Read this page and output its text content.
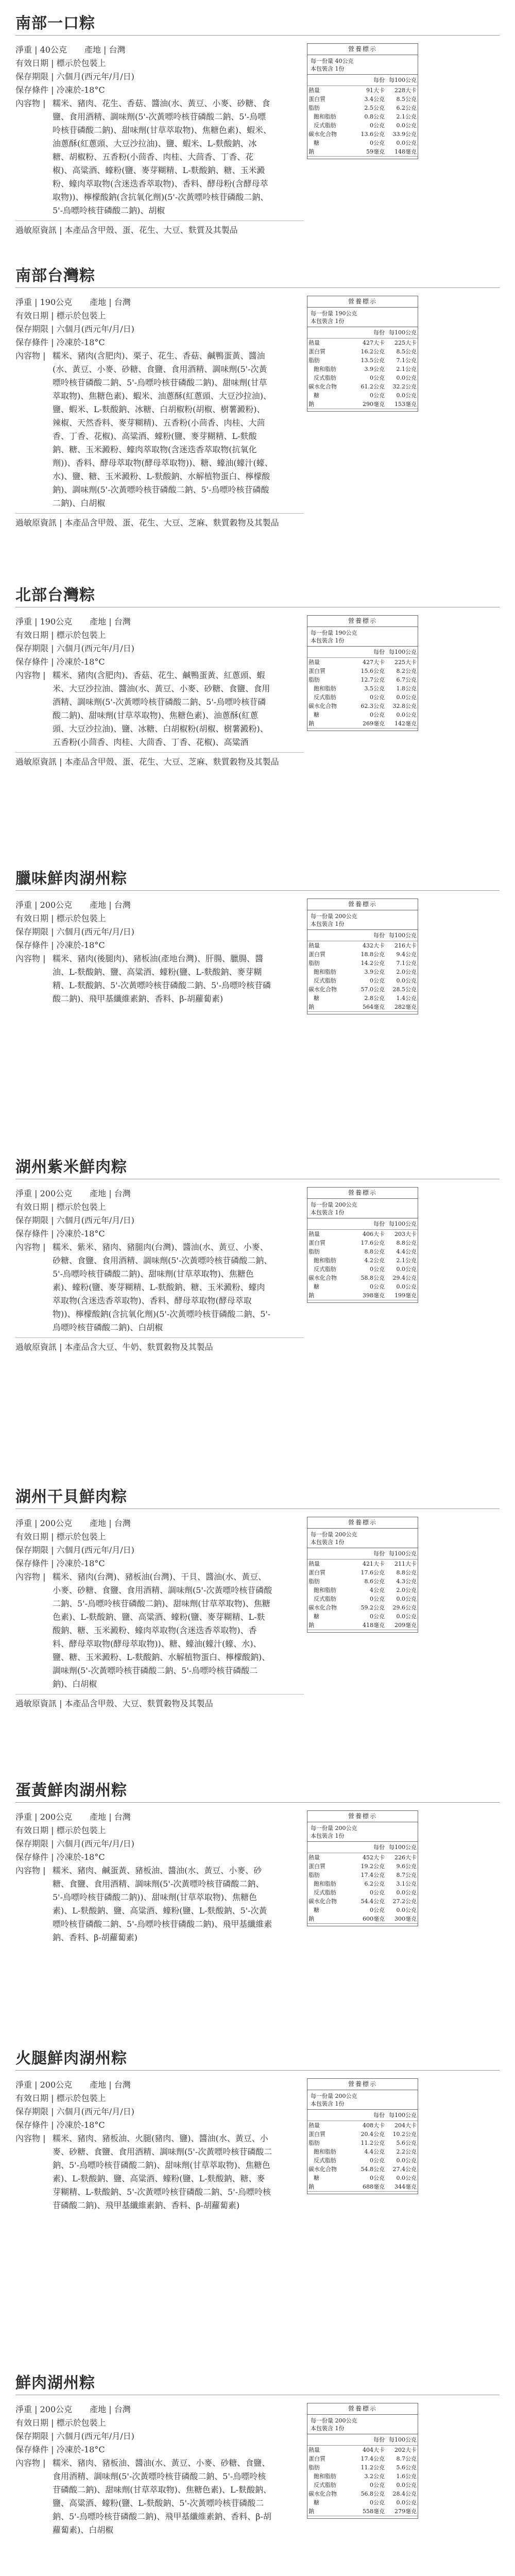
南部一口粽
淨重 | 40公克 產地 | 台灣
有效日期 | 標示於包裝上
保存期限 | 六個月(西元年/月/日)
保存條件 | 冷凍於-18°C
內容物 | 糯米、豬肉、花生、香菇、醬油(水、黃豆、小麥、砂糖、食鹽、食用酒精、調味劑(5'-次黃嘌呤核苷磷酸二鈉、5'-烏嘌呤核苷磷酸二鈉)、甜味劑(甘草萃取物)、焦糖色素)、蝦米、油蔥酥(紅蔥頭、大豆沙拉油)、鹽、蝦米、L-麩酸鈉、冰糖、胡椒粉、五香粉(小茴香、肉桂、大茴香、丁香、花椒)、高粱酒、蠔粉(鹽、麥芽糊精、L-麩酸鈉、糖、玉米澱粉、蠔肉萃取物(含迷迭香萃取物)、香料、酵母粉(含酵母萃取物))、檸檬酸鈉(含抗氧化劑)(5'-次黃嘌呤核苷磷酸二鈉、5'-烏嘌呤核苷磷酸二鈉)、胡椒
營養標示
每一份量 40公克
本包裝含 1份
每份 每100公克
熱量	91大卡	228大卡
蛋白質	3.4公克	8.5公克
脂肪	2.5公克	6.2公克
飽和脂肪	0.8公克	2.1公克
反式脂肪	0公克	0.0公克
碳水化合物	13.6公克	33.9公克
糖	0公克	0.0公克
鈉	59毫克	148毫克
過敏原資訊 | 本產品含甲殼、蛋、花生、大豆、麩質及其製品
南部台灣粽
淨重 | 190公克 產地 | 台灣
有效日期 | 標示於包裝上
保存期限 | 六個月(西元年/月/日)
保存條件 | 冷凍於-18°C
內容物 | 糯米、豬肉(含肥肉)、栗子、花生、香菇、鹹鴨蛋黃、醬油(水、黃豆、小麥、砂糖、食鹽、食用酒精、調味劑(5'-次黃嘌呤核苷磷酸二鈉、5'-烏嘌呤核苷磷酸二鈉)、甜味劑(甘草萃取物)、焦糖色素)、蝦米、油蔥酥(紅蔥頭、大豆沙拉油)、鹽、蝦米、L-麩酸鈉、冰糖、白胡椒粉(胡椒、樹薯澱粉)、辣椒、天然香料、麥芽糊精)、五香粉(小茴香、肉桂、大茴香、丁香、花椒)、高粱酒、蠔粉(鹽、麥芽糊精、L-麩酸鈉、糖、玉米澱粉、蠔肉萃取物(含迷迭香萃取物(抗氧化劑))、香料、酵母萃取物(酵母萃取物))、糖、蠔油(蠔汁(蠔、水)、鹽、糖、玉米澱粉、L-麩酸鈉、水解植物蛋白、檸檬酸鈉)、調味劑(5'-次黃嘌呤核苷磷酸二鈉、5'-烏嘌呤核苷磷酸二鈉)、白胡椒
營養標示
每一份量 190公克
本包裝含 1份
每份 每100公克
熱量	427大卡	225大卡
蛋白質	16.2公克	8.5公克
脂肪	13.5公克	7.1公克
飽和脂肪	3.9公克	2.1公克
反式脂肪	0公克	0.0公克
碳水化合物	61.2公克	32.2公克
糖	0公克	0.0公克
鈉	290毫克	153毫克
過敏原資訊 | 本產品含甲殼、蛋、花生、大豆、芝麻、麩質穀物及其製品
北部台灣粽
淨重 | 190公克 產地 | 台灣
有效日期 | 標示於包裝上
保存期限 | 六個月(西元年/月/日)
保存條件 | 冷凍於-18°C
內容物 | 糯米、豬肉(含肥肉)、香菇、花生、鹹鴨蛋黃、紅蔥頭、蝦米、大豆沙拉油、醬油(水、黃豆、小麥、砂糖、食鹽、食用酒精、調味劑(5'-次黃嘌呤核苷磷酸二鈉、5'-烏嘌呤核苷磷酸二鈉)、甜味劑(甘草萃取物)、焦糖色素)、油蔥酥(紅蔥頭、大豆沙拉油)、鹽、冰糖、白胡椒粉(胡椒、樹薯澱粉)、五香粉(小茴香、肉桂、大茴香、丁香、花椒)、高粱酒
營養標示
每一份量 190公克
本包裝含 1份
每份 每100公克
熱量	427大卡	225大卡
蛋白質	15.6公克	8.2公克
脂肪	12.7公克	6.7公克
飽和脂肪	3.5公克	1.8公克
反式脂肪	0公克	0.0公克
碳水化合物	62.3公克	32.8公克
糖	0公克	0.0公克
鈉	269毫克	142毫克
過敏原資訊 | 本產品含甲殼、蛋、花生、大豆、芝麻、麩質穀物及其製品
臘味鮮肉湖州粽
淨重 | 200公克 產地 | 台灣
有效日期 | 標示於包裝上
保存期限 | 六個月(西元年/月/日)
保存條件 | 冷凍於-18°C
內容物 | 糯米、豬肉(後腿肉)、豬板油(產地台灣)、肝腸、臘腸、醬油、L-麩酸鈉、鹽、高粱酒、蠔粉(鹽、L-麩酸鈉、麥芽糊精、L-麩酸鈉、5'-次黃嘌呤核苷磷酸二鈉、5'-烏嘌呤核苷磷酸二鈉)、飛甲基纖維素鈉、香料、β-胡蘿蔔素)
營養標示
每一份量 200公克
本包裝含 1份
每份 每100公克
熱量	432大卡	216大卡
蛋白質	18.8公克	9.4公克
脂肪	14.2公克	7.1公克
飽和脂肪	3.9公克	2.0公克
反式脂肪	0公克	0.0公克
碳水化合物	57.0公克	28.5公克
糖	2.8公克	1.4公克
鈉	564毫克	282毫克
湖州紫米鮮肉粽
淨重 | 200公克 產地 | 台灣
有效日期 | 標示於包裝上
保存期限 | 六個月(西元年/月/日)
保存條件 | 冷凍於-18°C
內容物 | 糯米、紫米、豬肉、豬腿肉(台灣)、醬油(水、黃豆、小麥、砂糖、食鹽、食用酒精、調味劑(5'-次黃嘌呤核苷磷酸二鈉、5'-烏嘌呤核苷磷酸二鈉)、甜味劑(甘草萃取物)、焦糖色素)、蠔粉(鹽、麥芽糊精、L-麩酸鈉、糖、玉米澱粉、蠔肉萃取物(含迷迭香萃取物)、香料、酵母萃取物(酵母萃取物))、檸檬酸鈉(含抗氧化劑)(5'-次黃嘌呤核苷磷酸二鈉、5'-烏嘌呤核苷磷酸二鈉)、白胡椒
營養標示
每一份量 200公克
本包裝含 1份
每份 每100公克
熱量	406大卡	203大卡
蛋白質	17.6公克	8.8公克
脂肪	8.8公克	4.4公克
飽和脂肪	4.2公克	2.1公克
反式脂肪	0公克	0.0公克
碳水化合物	58.8公克	29.4公克
糖	0公克	0.0公克
鈉	398毫克	199毫克
過敏原資訊 | 本產品含大豆、牛奶、麩質穀物及其製品
湖州干貝鮮肉粽
淨重 | 200公克 產地 | 台灣
有效日期 | 標示於包裝上
保存期限 | 六個月(西元年/月/日)
保存條件 | 冷凍於-18°C
內容物 | 糯米、豬肉(台灣)、豬板油(台灣)、干貝、醬油(水、黃豆、小麥、砂糖、食鹽、食用酒精、調味劑(5'-次黃嘌呤核苷磷酸二鈉、5'-烏嘌呤核苷磷酸二鈉)、甜味劑(甘草萃取物)、焦糖色素)、L-麩酸鈉、鹽、高粱酒、蠔粉(鹽、麥芽糊精、L-麩酸鈉、糖、玉米澱粉、蠔肉萃取物(含迷迭香萃取物)、香料、酵母萃取物(酵母萃取物))、糖、蠔油(蠔汁(蠔、水)、鹽、糖、玉米澱粉、L-麩酸鈉、水解植物蛋白、檸檬酸鈉)、調味劑(5'-次黃嘌呤核苷磷酸二鈉、5'-烏嘌呤核苷磷酸二鈉)、白胡椒
營養標示
每一份量 200公克
本包裝含 1份
每份 每100公克
熱量	421大卡	211大卡
蛋白質	17.6公克	8.8公克
脂肪	8.6公克	4.3公克
飽和脂肪	4公克	2.0公克
反式脂肪	0公克	0.0公克
碳水化合物	59.2公克	29.6公克
糖	0公克	0.0公克
鈉	418毫克	209毫克
過敏原資訊 | 本產品含甲殼、大豆、麩質穀物及其製品
蛋黃鮮肉湖州粽
淨重 | 200公克 產地 | 台灣
有效日期 | 標示於包裝上
保存期限 | 六個月(西元年/月/日)
保存條件 | 冷凍於-18°C
內容物 | 糯米、豬肉、鹹蛋黃、豬板油、醬油(水、黃豆、小麥、砂糖、食鹽、食用酒精、調味劑(5'-次黃嘌呤核苷磷酸二鈉、5'-烏嘌呤核苷磷酸二鈉))、甜味劑(甘草萃取物)、焦糖色素)、L-麩酸鈉、鹽、高粱酒、蠔粉(鹽、L-麩酸鈉、5'-次黃嘌呤核苷磷酸二鈉、5'-烏嘌呤核苷磷酸二鈉)、飛甲基纖維素鈉、香料、β-胡蘿蔔素)
營養標示
每一份量 200公克
本包裝含 1份
每份 每100公克
熱量	452大卡	226大卡
蛋白質	19.2公克	9.6公克
脂肪	17.4公克	8.7公克
飽和脂肪	6.2公克	3.1公克
反式脂肪	0公克	0.0公克
碳水化合物	54.4公克	27.2公克
糖	0公克	0.0公克
鈉	600毫克	300毫克
火腿鮮肉湖州粽
淨重 | 200公克 產地 | 台灣
有效日期 | 標示於包裝上
保存期限 | 六個月(西元年/月/日)
保存條件 | 冷凍於-18°C
內容物 | 糯米、豬肉、豬板油、火腿(豬肉、鹽)、醬油(水、黃豆、小麥、砂糖、食鹽、食用酒精、調味劑(5'-次黃嘌呤核苷磷酸二鈉、5'-烏嘌呤核苷磷酸二鈉)、甜味劑(甘草萃取物)、焦糖色素)、L-麩酸鈉、鹽、高粱酒、蠔粉(鹽、L-麩酸鈉、糖、麥芽糊精、L-麩酸鈉、5'-次黃嘌呤核苷磷酸二鈉、5'-烏嘌呤核苷磷酸二鈉)、飛甲基纖維素鈉、香料、β-胡蘿蔔素)
營養標示
每一份量 200公克
本包裝含 1份
每份 每100公克
熱量	408大卡	204大卡
蛋白質	20.4公克	10.2公克
脂肪	11.2公克	5.6公克
飽和脂肪	4.4公克	2.2公克
反式脂肪	0公克	0.0公克
碳水化合物	54.8公克	27.4公克
糖	0公克	0.0公克
鈉	688毫克	344毫克
鮮肉湖州粽
淨重 | 200公克 產地 | 台灣
有效日期 | 標示於包裝上
保存期限 | 六個月(西元年/月/日)
保存條件 | 冷凍於-18°C
內容物 | 糯米、豬肉、豬板油、醬油(水、黃豆、小麥、砂糖、食鹽、食用酒精、調味劑(5'-次黃嘌呤核苷磷酸二鈉、5'-烏嘌呤核苷磷酸二鈉)、甜味劑(甘草萃取物)、焦糖色素)、L-麩酸鈉、鹽、高粱酒、蠔粉(鹽、L-麩酸鈉、5'-次黃嘌呤核苷磷酸二鈉、5'-烏嘌呤核苷磷酸二鈉)、飛甲基纖維素鈉、香料、β-胡蘿蔔素)、白胡椒
營養標示
每一份量 200公克
本包裝含 1份
每份 每100公克
熱量	404大卡	202大卡
蛋白質	17.4公克	8.7公克
脂肪	11.2公克	5.6公克
飽和脂肪	3.2公克	1.6公克
反式脂肪	0公克	0.0公克
碳水化合物	56.8公克	28.4公克
糖	0公克	0.0公克
鈉	558毫克	279毫克
